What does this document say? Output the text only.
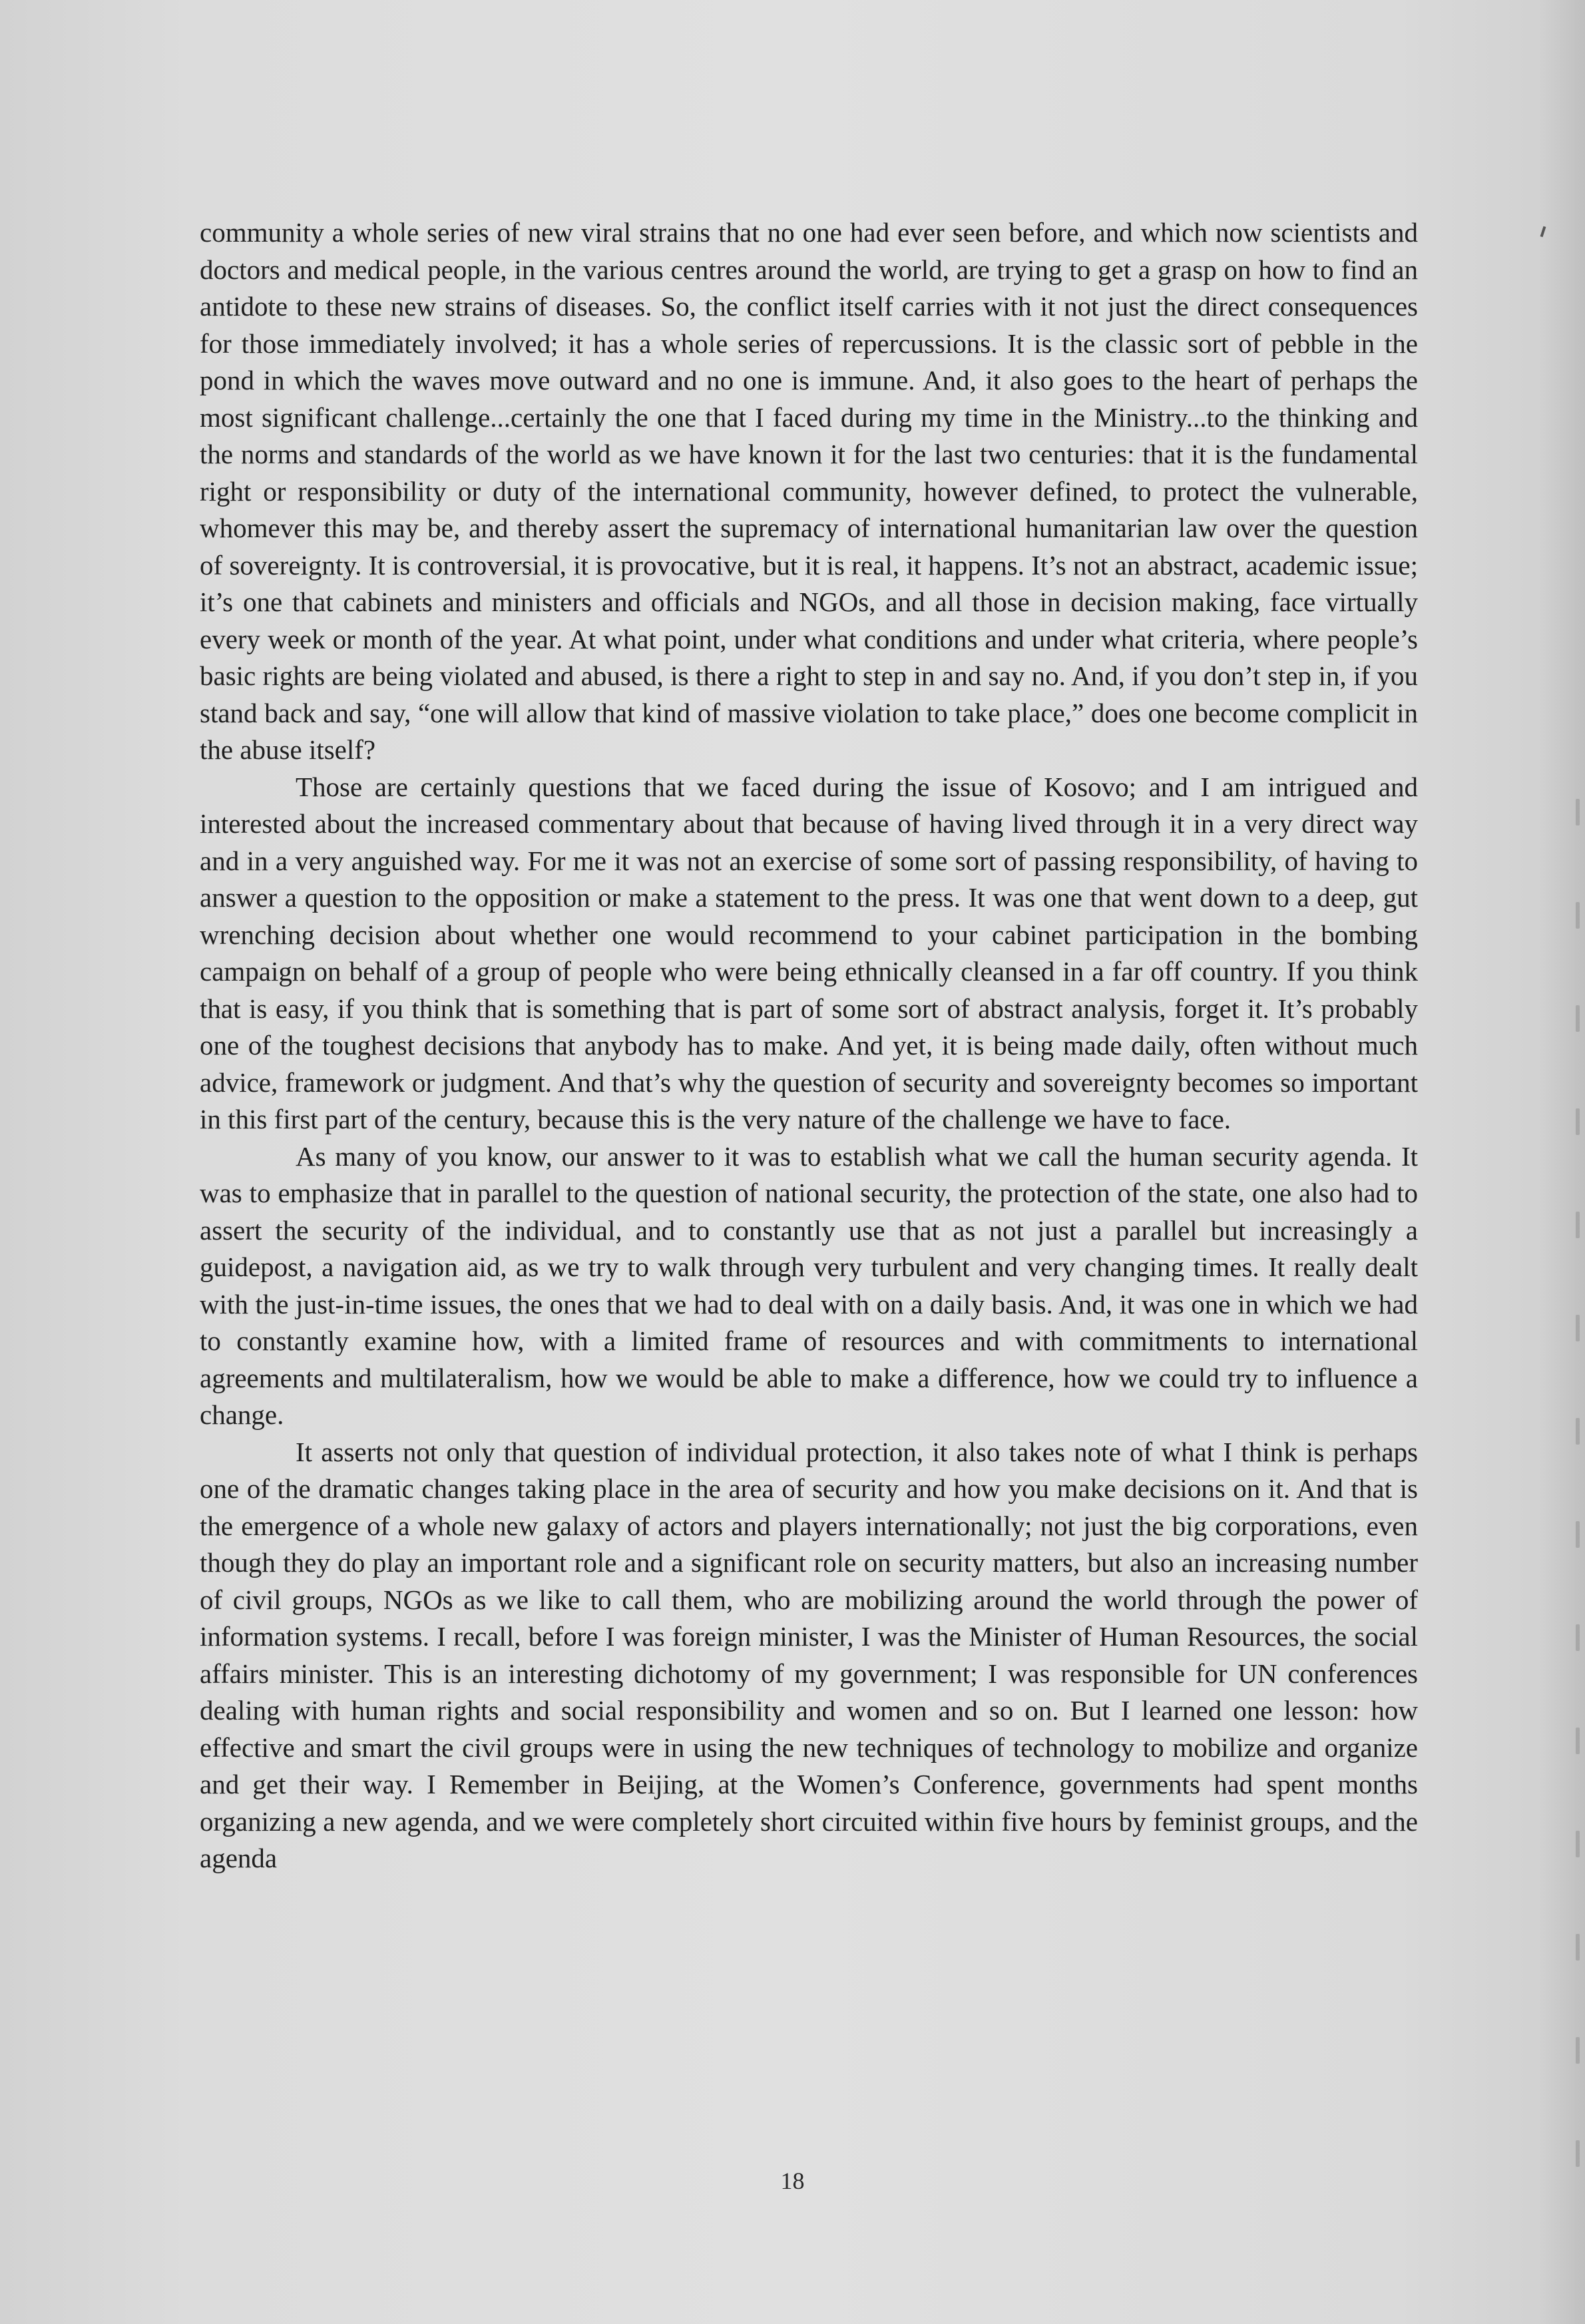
community a whole series of new viral strains that no one had ever seen before, and which now scientists and doctors and medical people, in the various centres around the world, are trying to get a grasp on how to find an antidote to these new strains of diseases. So, the conflict itself carries with it not just the direct consequences for those immediately involved; it has a whole series of repercussions. It is the classic sort of pebble in the pond in which the waves move outward and no one is immune. And, it also goes to the heart of perhaps the most significant challenge...certainly the one that I faced during my time in the Ministry...to the thinking and the norms and standards of the world as we have known it for the last two centuries: that it is the fundamental right or responsibility or duty of the international community, however defined, to protect the vulnerable, whomever this may be, and thereby assert the supremacy of international humanitarian law over the question of sovereignty. It is controversial, it is provocative, but it is real, it happens. It’s not an abstract, academic issue; it’s one that cabinets and ministers and officials and NGOs, and all those in decision making, face virtually every week or month of the year. At what point, under what conditions and under what criteria, where people’s basic rights are being violated and abused, is there a right to step in and say no. And, if you don’t step in, if you stand back and say, “one will allow that kind of massive violation to take place,” does one become complicit in the abuse itself?

Those are certainly questions that we faced during the issue of Kosovo; and I am intrigued and interested about the increased commentary about that because of having lived through it in a very direct way and in a very anguished way. For me it was not an exercise of some sort of passing responsibility, of having to answer a question to the opposition or make a statement to the press. It was one that went down to a deep, gut wrenching decision about whether one would recommend to your cabinet participation in the bombing campaign on behalf of a group of people who were being ethnically cleansed in a far off country. If you think that is easy, if you think that is something that is part of some sort of abstract analysis, forget it. It’s probably one of the toughest decisions that anybody has to make. And yet, it is being made daily, often without much advice, framework or judgment. And that’s why the question of security and sovereignty becomes so important in this first part of the century, because this is the very nature of the challenge we have to face.

As many of you know, our answer to it was to establish what we call the human security agenda. It was to emphasize that in parallel to the question of national security, the protection of the state, one also had to assert the security of the individual, and to constantly use that as not just a parallel but increasingly a guidepost, a navigation aid, as we try to walk through very turbulent and very changing times. It really dealt with the just-in-time issues, the ones that we had to deal with on a daily basis. And, it was one in which we had to constantly examine how, with a limited frame of resources and with commitments to international agreements and multilateralism, how we would be able to make a difference, how we could try to influence a change.

It asserts not only that question of individual protection, it also takes note of what I think is perhaps one of the dramatic changes taking place in the area of security and how you make decisions on it. And that is the emergence of a whole new galaxy of actors and players internationally; not just the big corporations, even though they do play an important role and a significant role on security matters, but also an increasing number of civil groups, NGOs as we like to call them, who are mobilizing around the world through the power of information systems. I recall, before I was foreign minister, I was the Minister of Human Resources, the social affairs minister. This is an interesting dichotomy of my government; I was responsible for UN conferences dealing with human rights and social responsibility and women and so on. But I learned one lesson: how effective and smart the civil groups were in using the new techniques of technology to mobilize and organize and get their way. I Remember in Beijing, at the Women’s Conference, governments had spent months organizing a new agenda, and we were completely short circuited within five hours by feminist groups, and the agenda

18
